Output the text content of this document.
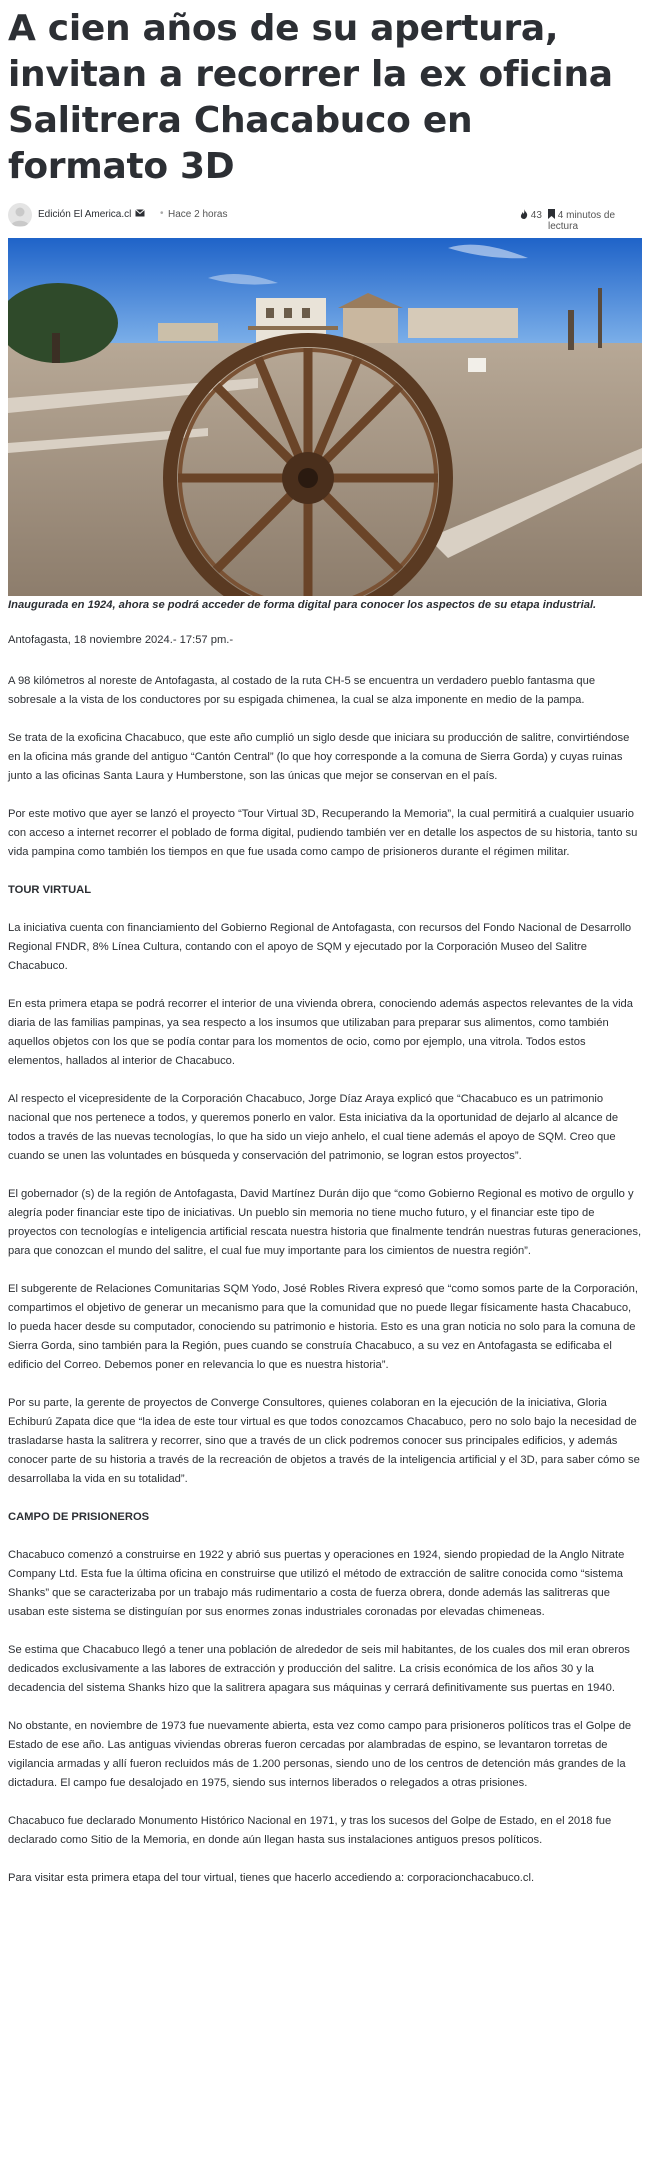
A cien años de su apertura, invitan a recorrer la ex oficina Salitrera Chacabuco en formato 3D
Edición El America.cl	• Hace 2 horas	43	4 minutos de lectura

Inaugurada en 1924, ahora se podrá acceder de forma digital para conocer los aspectos de su etapa industrial.

Antofagasta, 18 noviembre 2024.- 17:57 pm.-

A 98 kilómetros al noreste de Antofagasta, al costado de la ruta CH-5 se encuentra un verdadero pueblo fantasma que sobresale a la vista de los conductores por su espigada chimenea, la cual se alza imponente en medio de la pampa.

Se trata de la exoficina Chacabuco, que este año cumplió un siglo desde que iniciara su producción de salitre, convirtiéndose en la oficina más grande del antiguo “Cantón Central” (lo que hoy corresponde a la comuna de Sierra Gorda) y cuyas ruinas junto a las oficinas Santa Laura y Humberstone, son las únicas que mejor se conservan en el país.

Por este motivo que ayer se lanzó el proyecto “Tour Virtual 3D, Recuperando la Memoria”, la cual permitirá a cualquier usuario con acceso a internet recorrer el poblado de forma digital, pudiendo también ver en detalle los aspectos de su historia, tanto su vida pampina como también los tiempos en que fue usada como campo de prisioneros durante el régimen militar.

TOUR VIRTUAL

La iniciativa cuenta con financiamiento del Gobierno Regional de Antofagasta, con recursos del Fondo Nacional de Desarrollo Regional FNDR, 8% Línea Cultura, contando con el apoyo de SQM y ejecutado por la Corporación Museo del Salitre Chacabuco.

En esta primera etapa se podrá recorrer el interior de una vivienda obrera, conociendo además aspectos relevantes de la vida diaria de las familias pampinas, ya sea respecto a los insumos que utilizaban para preparar sus alimentos, como también aquellos objetos con los que se podía contar para los momentos de ocio, como por ejemplo, una vitrola. Todos estos elementos, hallados al interior de Chacabuco.

Al respecto el vicepresidente de la Corporación Chacabuco, Jorge Díaz Araya explicó que “Chacabuco es un patrimonio nacional que nos pertenece a todos, y queremos ponerlo en valor. Esta iniciativa da la oportunidad de dejarlo al alcance de todos a través de las nuevas tecnologías, lo que ha sido un viejo anhelo, el cual tiene además el apoyo de SQM. Creo que cuando se unen las voluntades en búsqueda y conservación del patrimonio, se logran estos proyectos”.

El gobernador (s) de la región de Antofagasta, David Martínez Durán dijo que “como Gobierno Regional es motivo de orgullo y alegría poder financiar este tipo de iniciativas. Un pueblo sin memoria no tiene mucho futuro, y el financiar este tipo de proyectos con tecnologías e inteligencia artificial rescata nuestra historia que finalmente tendrán nuestras futuras generaciones, para que conozcan el mundo del salitre, el cual fue muy importante para los cimientos de nuestra región”.

El subgerente de Relaciones Comunitarias SQM Yodo, José Robles Rivera expresó que “como somos parte de la Corporación, compartimos el objetivo de generar un mecanismo para que la comunidad que no puede llegar físicamente hasta Chacabuco, lo pueda hacer desde su computador, conociendo su patrimonio e historia. Esto es una gran noticia no solo para la comuna de Sierra Gorda, sino también para la Región, pues cuando se construía Chacabuco, a su vez en Antofagasta se edificaba el edificio del Correo. Debemos poner en relevancia lo que es nuestra historia”.

Por su parte, la gerente de proyectos de Converge Consultores, quienes colaboran en la ejecución de la iniciativa, Gloria Echiburú Zapata dice que “la idea de este tour virtual es que todos conozcamos Chacabuco, pero no solo bajo la necesidad de trasladarse hasta la salitrera y recorrer, sino que a través de un click podremos conocer sus principales edificios, y además conocer parte de su historia a través de la recreación de objetos a través de la inteligencia artificial y el 3D, para saber cómo se desarrollaba la vida en su totalidad”.

CAMPO DE PRISIONEROS

Chacabuco comenzó a construirse en 1922 y abrió sus puertas y operaciones en 1924, siendo propiedad de la Anglo Nitrate Company Ltd. Esta fue la última oficina en construirse que utilizó el método de extracción de salitre conocida como “sistema Shanks” que se caracterizaba por un trabajo más rudimentario a costa de fuerza obrera, donde además las salitreras que usaban este sistema se distinguían por sus enormes zonas industriales coronadas por elevadas chimeneas.

Se estima que Chacabuco llegó a tener una población de alrededor de seis mil habitantes, de los cuales dos mil eran obreros dedicados exclusivamente a las labores de extracción y producción del salitre. La crisis económica de los años 30 y la decadencia del sistema Shanks hizo que la salitrera apagara sus máquinas y cerrará definitivamente sus puertas en 1940.

No obstante, en noviembre de 1973 fue nuevamente abierta, esta vez como campo para prisioneros políticos tras el Golpe de Estado de ese año. Las antiguas viviendas obreras fueron cercadas por alambradas de espino, se levantaron torretas de vigilancia armadas y allí fueron recluidos más de 1.200 personas, siendo uno de los centros de detención más grandes de la dictadura. El campo fue desalojado en 1975, siendo sus internos liberados o relegados a otras prisiones.

Chacabuco fue declarado Monumento Histórico Nacional en 1971, y tras los sucesos del Golpe de Estado, en el 2018 fue declarado como Sitio de la Memoria, en donde aún llegan hasta sus instalaciones antiguos presos políticos.

Para visitar esta primera etapa del tour virtual, tienes que hacerlo accediendo a: corporacionchacabuco.cl.
